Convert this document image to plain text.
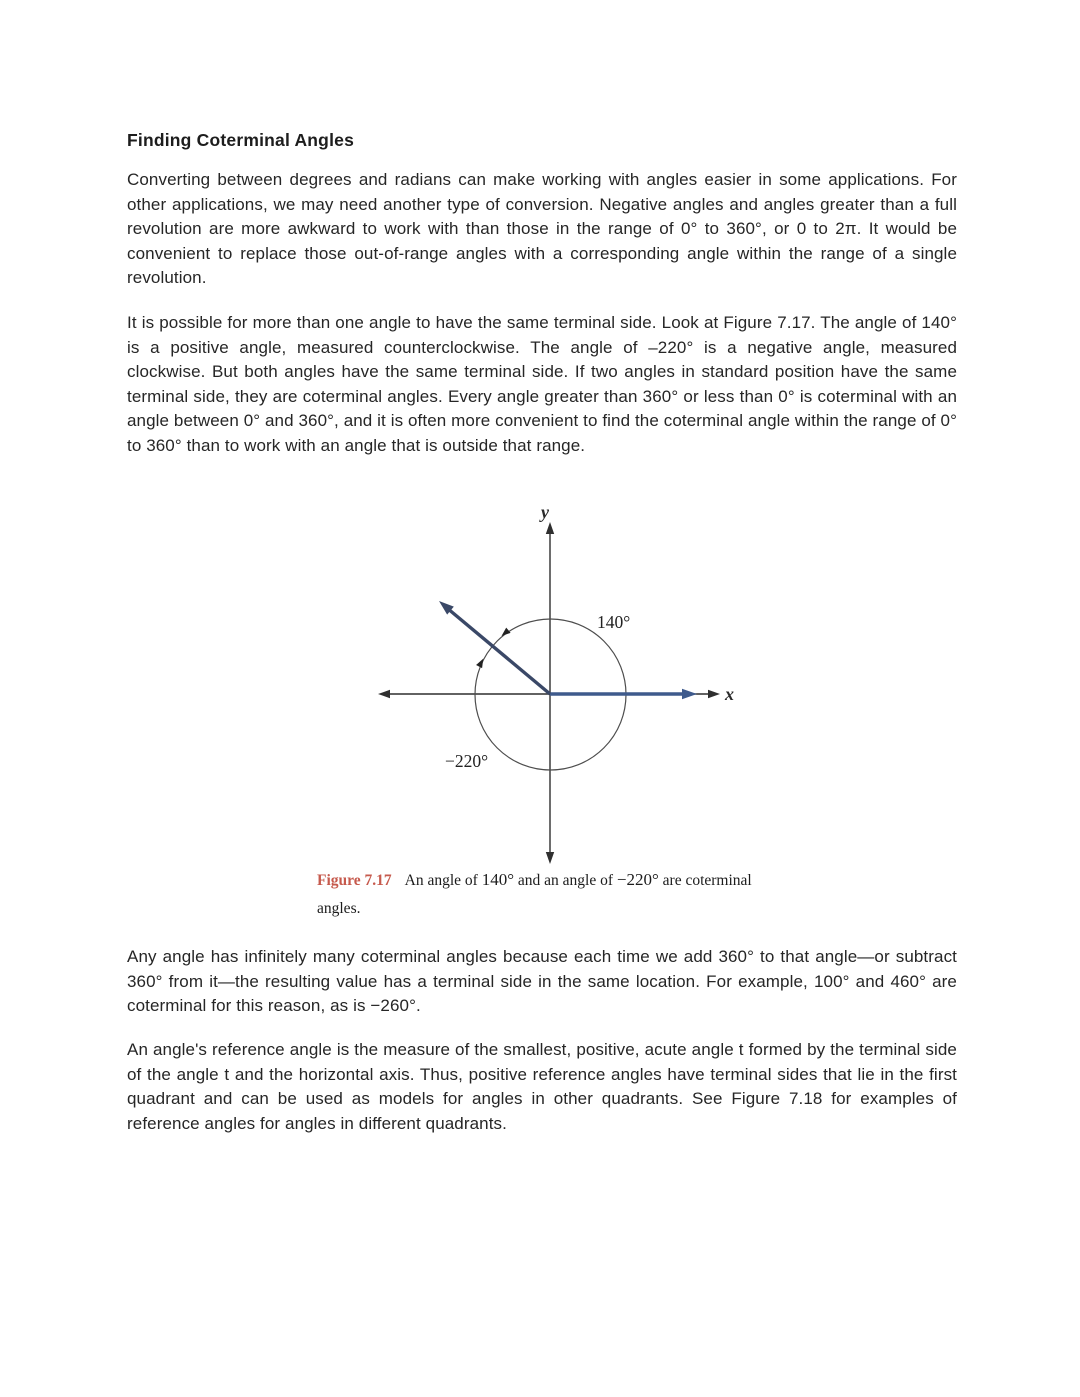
Finding Coterminal Angles
Converting between degrees and radians can make working with angles easier in some applications. For other applications, we may need another type of conversion. Negative angles and angles greater than a full revolution are more awkward to work with than those in the range of 0° to 360°, or 0 to 2π. It would be convenient to replace those out-of-range angles with a corresponding angle within the range of a single revolution.
It is possible for more than one angle to have the same terminal side. Look at Figure 7.17. The angle of 140° is a positive angle, measured counterclockwise. The angle of –220° is a negative angle, measured clockwise. But both angles have the same terminal side. If two angles in standard position have the same terminal side, they are coterminal angles. Every angle greater than 360° or less than 0° is coterminal with an angle between 0° and 360°, and it is often more convenient to find the coterminal angle within the range of 0° to 360° than to work with an angle that is outside that range.
y
x
140°
−220°
Figure 7.17 An angle of 140° and an angle of −220° are coterminal angles.
Any angle has infinitely many coterminal angles because each time we add 360° to that angle—or subtract 360° from it—the resulting value has a terminal side in the same location. For example, 100° and 460° are coterminal for this reason, as is −260°.
An angle's reference angle is the measure of the smallest, positive, acute angle t formed by the terminal side of the angle t and the horizontal axis. Thus, positive reference angles have terminal sides that lie in the first quadrant and can be used as models for angles in other quadrants. See Figure 7.18 for examples of reference angles for angles in different quadrants.
